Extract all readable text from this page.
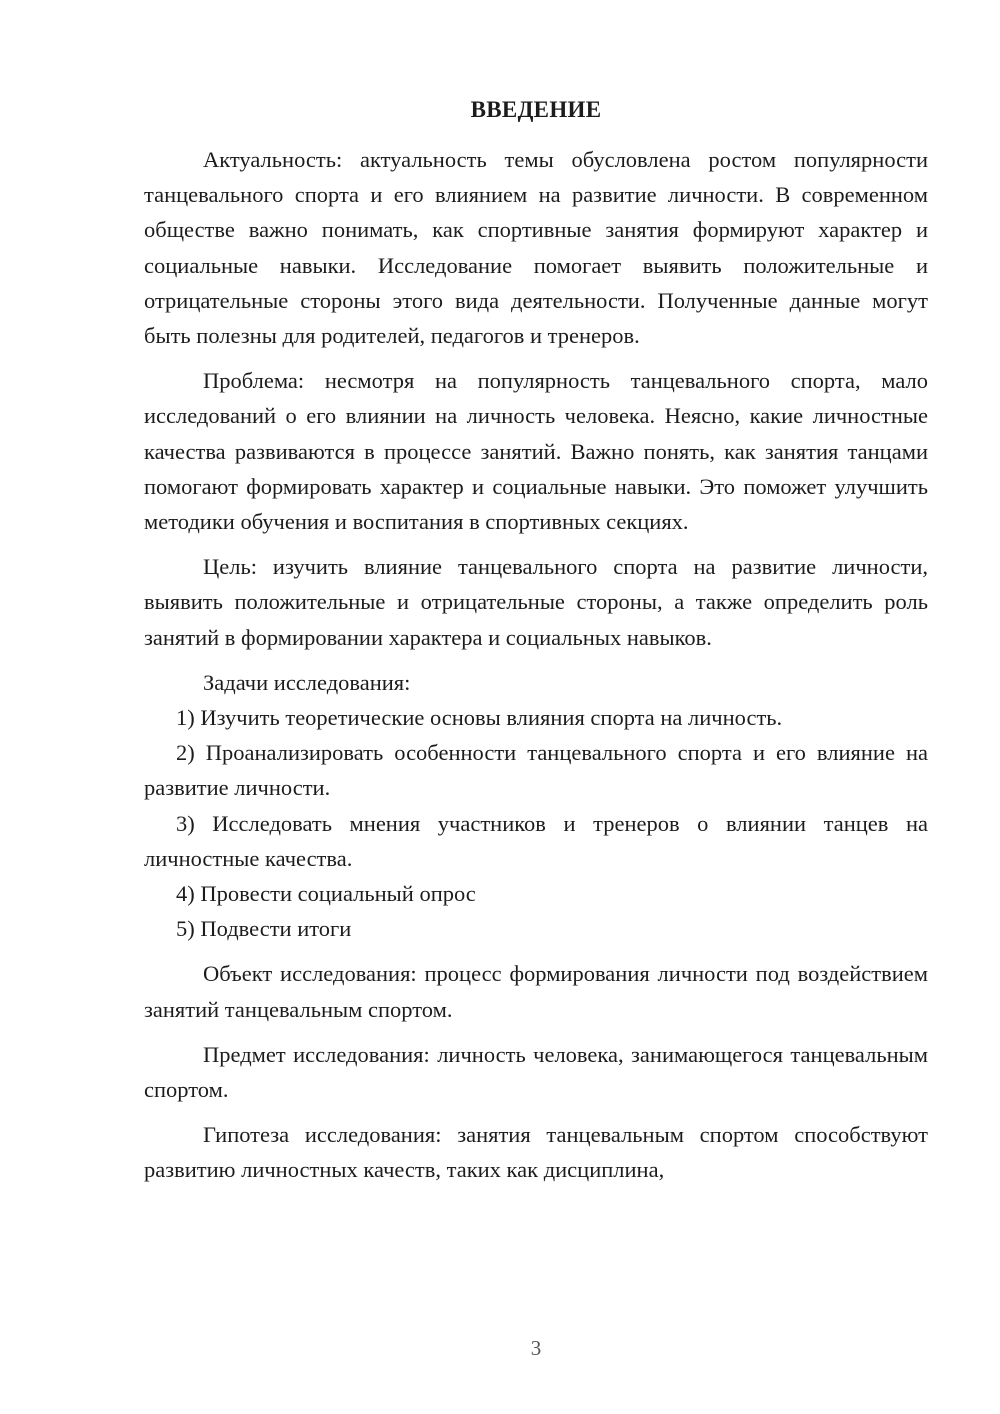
ВВЕДЕНИЕ

Актуальность: актуальность темы обусловлена ростом популярности танцевального спорта и его влиянием на развитие личности. В современном обществе важно понимать, как спортивные занятия формируют характер и социальные навыки. Исследование помогает выявить положительные и отрицательные стороны этого вида деятельности. Полученные данные могут быть полезны для родителей, педагогов и тренеров.

Проблема: несмотря на популярность танцевального спорта, мало исследований о его влиянии на личность человека. Неясно, какие личностные качества развиваются в процессе занятий. Важно понять, как занятия танцами помогают формировать характер и социальные навыки. Это поможет улучшить методики обучения и воспитания в спортивных секциях.

Цель: изучить влияние танцевального спорта на развитие личности, выявить положительные и отрицательные стороны, а также определить роль занятий в формировании характера и социальных навыков.

Задачи исследования:

1) Изучить теоретические основы влияния спорта на личность.

2) Проанализировать особенности танцевального спорта и его влияние на развитие личности.

3) Исследовать мнения участников и тренеров о влиянии танцев на личностные качества.

4) Провести социальный опрос

5) Подвести итоги

Объект исследования: процесс формирования личности под воздействием занятий танцевальным спортом.

Предмет исследования: личность человека, занимающегося танцевальным спортом.

Гипотеза исследования: занятия танцевальным спортом способствуют развитию личностных качеств, таких как дисциплина,

3
